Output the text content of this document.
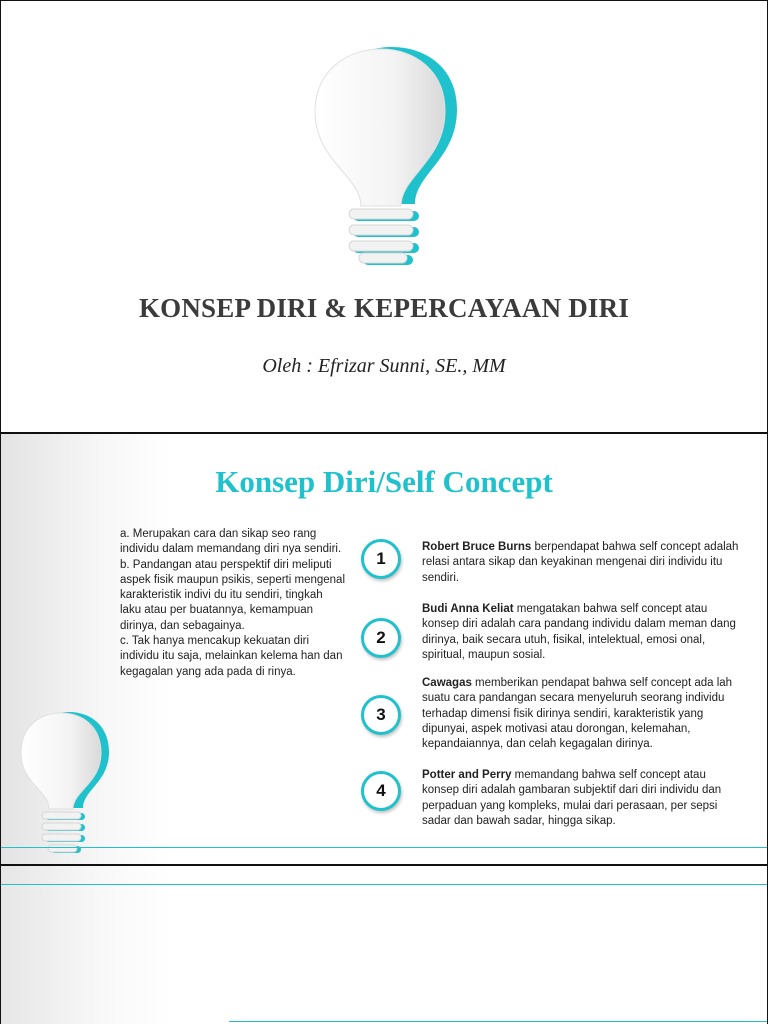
KONSEP DIRI & KEPERCAYAAN DIRI
Oleh : Efrizar Sunni, SE., MM
Konsep Diri/Self Concept

a. Merupakan cara dan sikap seo rang individu dalam memandang diri nya sendiri.

b. Pandangan atau perspektif diri meliputi aspek fisik maupun psikis, seperti mengenal karakteristik indivi du itu sendiri, tingkah laku atau per buatannya, kemampuan dirinya, dan sebagainya.

c. Tak hanya mencakup kekuatan diri individu itu saja, melainkan kelema han dan kegagalan yang ada pada di rinya.

1
Robert Bruce Burns berpendapat bahwa self concept adalah relasi antara sikap dan keyakinan mengenai diri individu itu sendiri.
2
Budi Anna Keliat mengatakan bahwa self concept atau konsep diri adalah cara pandang individu dalam meman dang dirinya, baik secara utuh, fisikal, intelektual, emosi onal, spiritual, maupun sosial.
3
Cawagas memberikan pendapat bahwa self concept ada lah suatu cara pandangan secara menyeluruh seorang individu terhadap dimensi fisik dirinya sendiri, karakteristik yang dipunyai, aspek motivasi atau dorongan, kelemahan, kepandaiannya, dan celah kegagalan dirinya.
4
Potter and Perry memandang bahwa self concept atau konsep diri adalah gambaran subjektif dari diri individu dan perpaduan yang kompleks, mulai dari perasaan, per sepsi sadar dan bawah sadar, hingga sikap.
